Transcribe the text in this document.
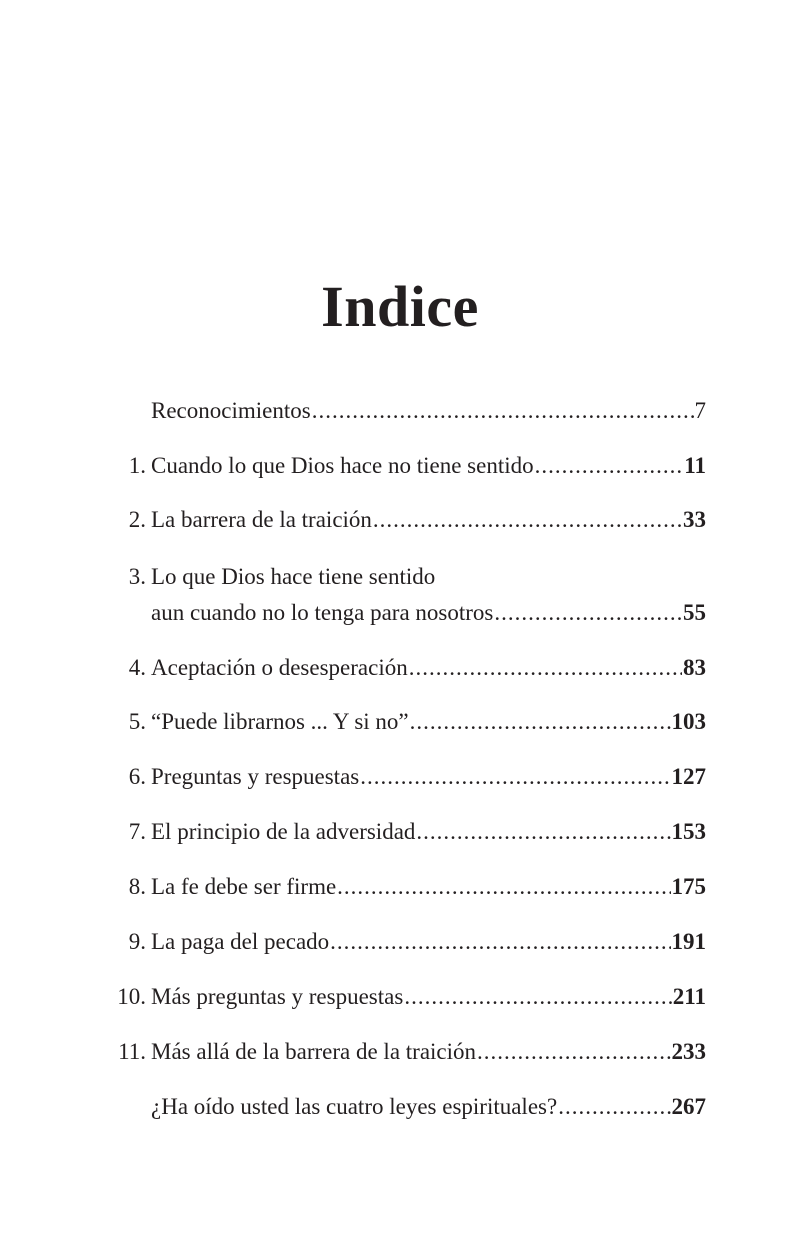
Indice
Reconocimientos .....	7
1. Cuando lo que Dios hace no tiene sentido .....	11
2. La barrera de la traición .....	33
3. Lo que Dios hace tiene sentido
aun cuando no lo tenga para nosotros .....	55
4. Aceptación o desesperación .....	83
5. “Puede librarnos ... Y si no” .....	103
6. Preguntas y respuestas .....	127
7. El principio de la adversidad .....	153
8. La fe debe ser firme .....	175
9. La paga del pecado .....	191
10. Más preguntas y respuestas .....	211
11. Más allá de la barrera de la traición .....	233
¿Ha oído usted las cuatro leyes espirituales? .....	267
